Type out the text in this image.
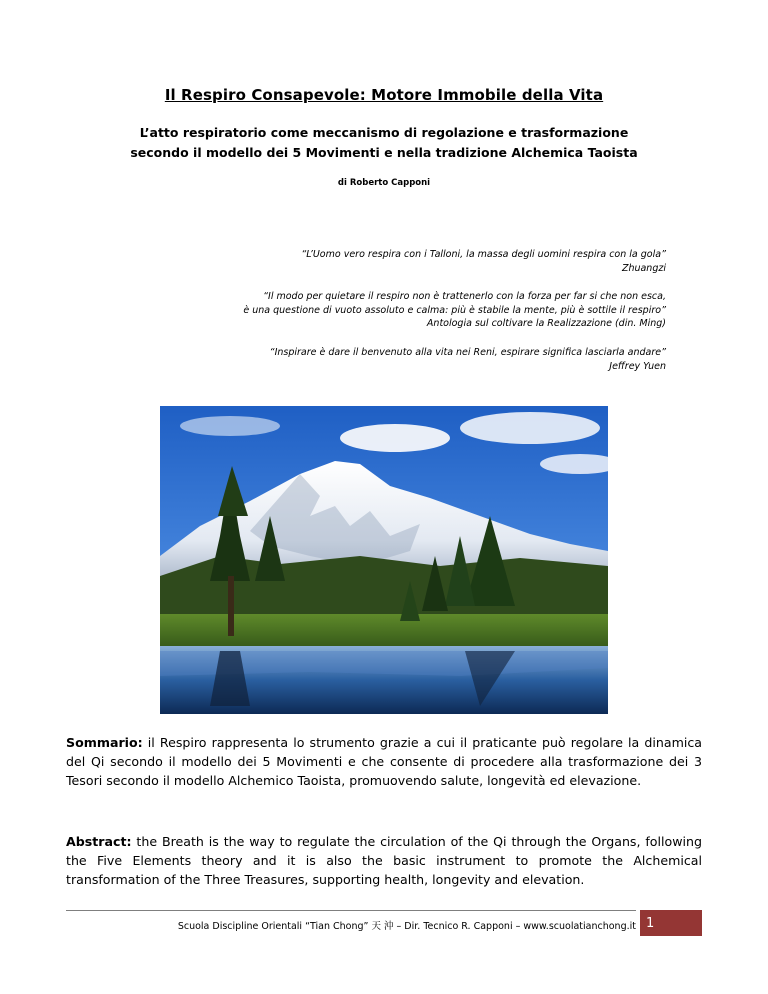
Il Respiro Consapevole: Motore Immobile della Vita
L’atto respiratorio come meccanismo di regolazione e trasformazione
secondo il modello dei 5 Movimenti e nella tradizione Alchemica Taoista
di Roberto Capponi
“L’Uomo vero respira con i Talloni, la massa degli uomini respira con la gola”
Zhuangzi
“Il modo per quietare il respiro non è trattenerlo con la forza per far si che non esca,
è una questione di vuoto assoluto e calma: più è stabile la mente, più è sottile il respiro”
Antologia sul coltivare la Realizzazione (din. Ming)
“Inspirare è dare il benvenuto alla vita nei Reni, espirare significa lasciarla andare”
Jeffrey Yuen
Sommario: il Respiro rappresenta lo strumento grazie a cui il praticante può regolare la dinamica del Qi secondo il modello dei 5 Movimenti e che consente di procedere alla trasformazione dei 3 Tesori secondo il modello Alchemico Taoista, promuovendo salute, longevità ed elevazione.
Abstract: the Breath is the way to regulate the circulation of the Qi through the Organs, following the Five Elements theory and it is also the basic instrument to promote the Alchemical transformation of the Three Treasures, supporting health, longevity and elevation.
Scuola Discipline Orientali “Tian Chong” 天 沖 – Dir. Tecnico R. Capponi – www.scuolatianchong.it 1
